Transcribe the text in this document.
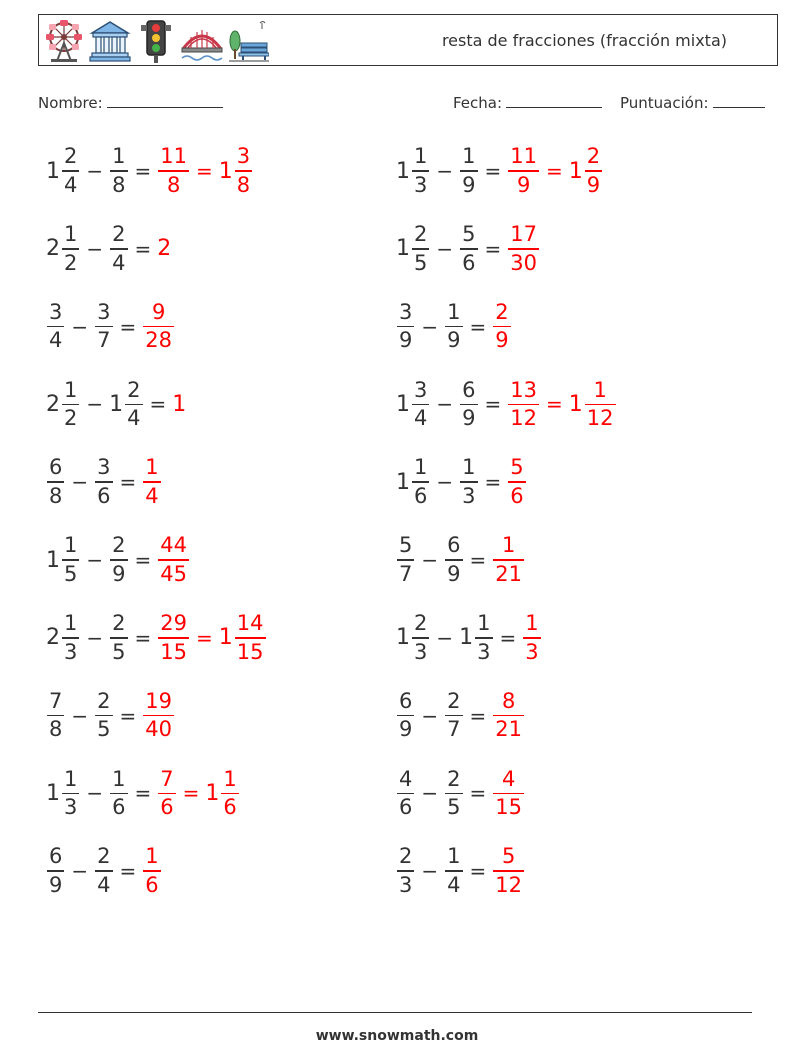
resta de fracciones (fracción mixta)
Nombre:	Fecha:	Puntuación:
$1 \frac{2}{4} - \frac{1}{8} = \frac{11}{8} = 1 \frac{3}{8}$	$1 \frac{1}{3} - \frac{1}{9} = \frac{11}{9} = 1 \frac{2}{9}$
$2 \frac{1}{2} - \frac{2}{4} = 2$	$1 \frac{2}{5} - \frac{5}{6} = \frac{17}{30}$
$\frac{3}{4} - \frac{3}{7} = \frac{9}{28}$	$\frac{3}{9} - \frac{1}{9} = \frac{2}{9}$
$2 \frac{1}{2} - 1 \frac{2}{4} = 1$	$1 \frac{3}{4} - \frac{6}{9} = \frac{13}{12} = 1 \frac{1}{12}$
$\frac{6}{8} - \frac{3}{6} = \frac{1}{4}$	$1 \frac{1}{6} - \frac{1}{3} = \frac{5}{6}$
$1 \frac{1}{5} - \frac{2}{9} = \frac{44}{45}$	$\frac{5}{7} - \frac{6}{9} = \frac{1}{21}$
$2 \frac{1}{3} - \frac{2}{5} = \frac{29}{15} = 1 \frac{14}{15}$	$1 \frac{2}{3} - 1 \frac{1}{3} = \frac{1}{3}$
$\frac{7}{8} - \frac{2}{5} = \frac{19}{40}$	$\frac{6}{9} - \frac{2}{7} = \frac{8}{21}$
$1 \frac{1}{3} - \frac{1}{6} = \frac{7}{6} = 1 \frac{1}{6}$	$\frac{4}{6} - \frac{2}{5} = \frac{4}{15}$
$\frac{6}{9} - \frac{2}{4} = \frac{1}{6}$	$\frac{2}{3} - \frac{1}{4} = \frac{5}{12}$
www.snowmath.com
